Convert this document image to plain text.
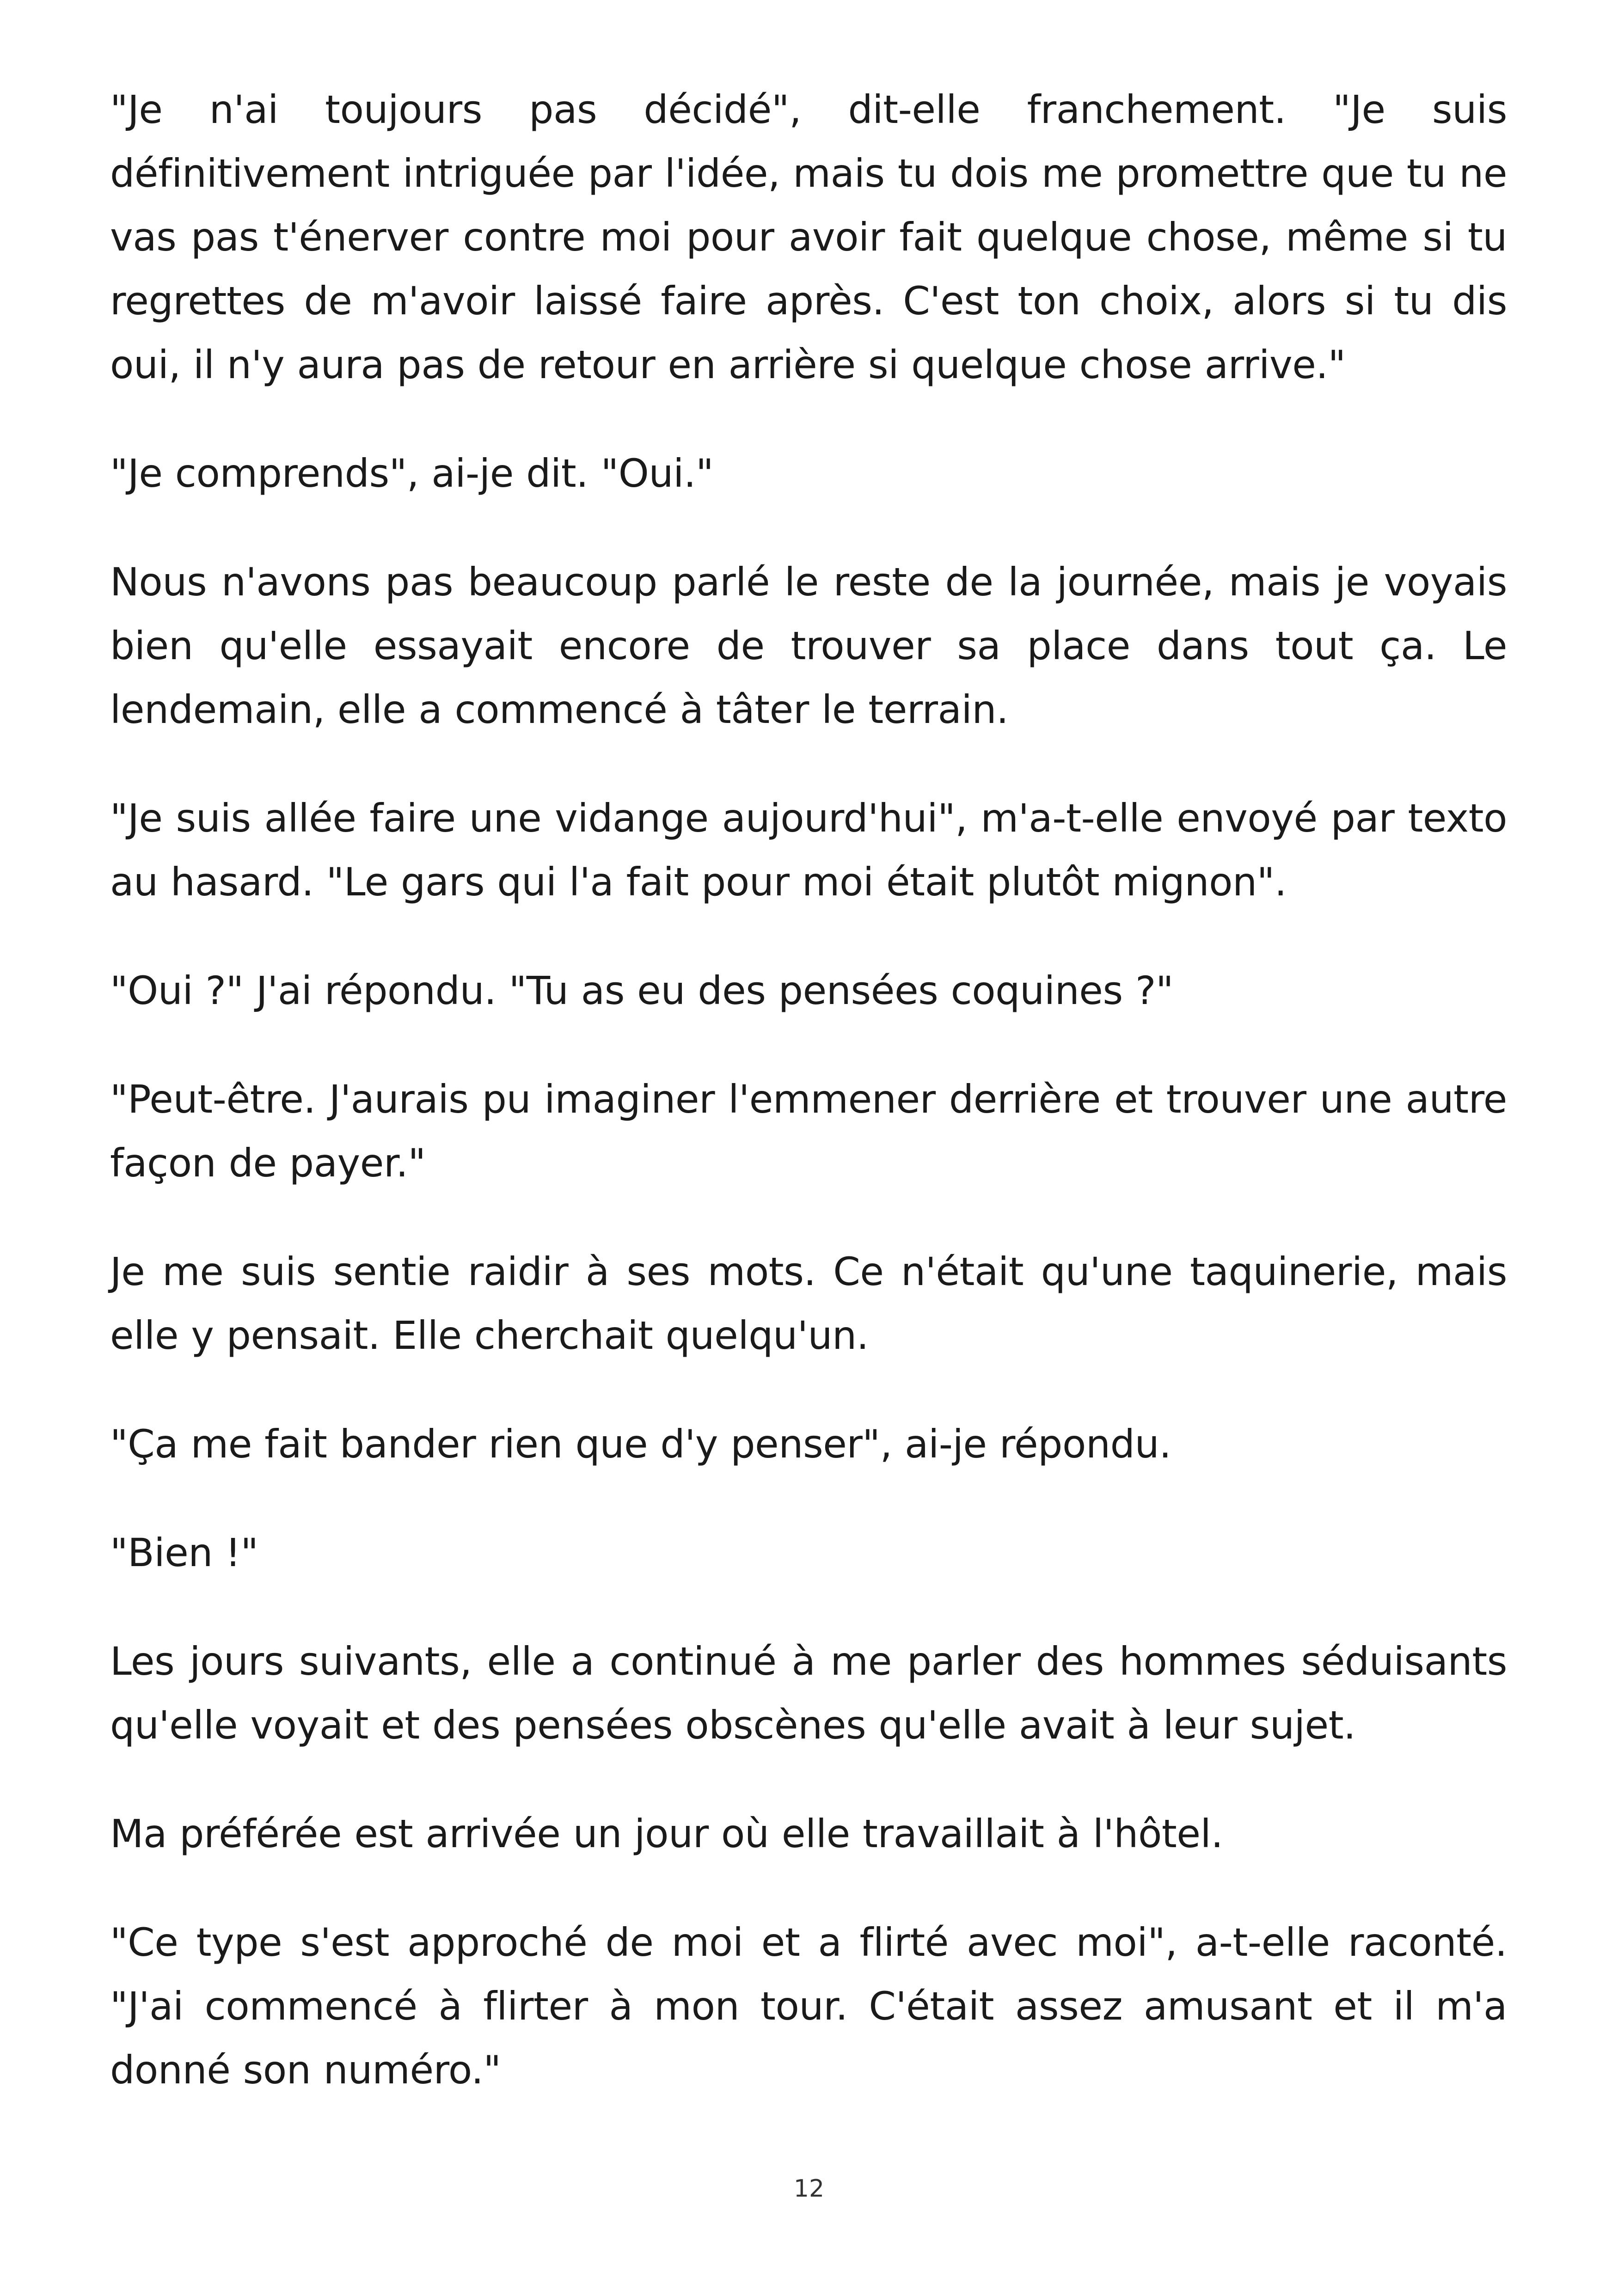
"Je n'ai toujours pas décidé", dit-elle franchement. "Je suis définitivement intriguée par l'idée, mais tu dois me promettre que tu ne vas pas t'énerver contre moi pour avoir fait quelque chose, même si tu regrettes de m'avoir laissé faire après. C'est ton choix, alors si tu dis oui, il n'y aura pas de retour en arrière si quelque chose arrive."

"Je comprends", ai-je dit. "Oui."

Nous n'avons pas beaucoup parlé le reste de la journée, mais je voyais bien qu'elle essayait encore de trouver sa place dans tout ça. Le lendemain, elle a commencé à tâter le terrain.

"Je suis allée faire une vidange aujourd'hui", m'a-t-elle envoyé par texto au hasard. "Le gars qui l'a fait pour moi était plutôt mignon".

"Oui ?" J'ai répondu. "Tu as eu des pensées coquines ?"

"Peut-être. J'aurais pu imaginer l'emmener derrière et trouver une autre façon de payer."

Je me suis sentie raidir à ses mots. Ce n'était qu'une taquinerie, mais elle y pensait. Elle cherchait quelqu'un.

"Ça me fait bander rien que d'y penser", ai-je répondu.

"Bien !"

Les jours suivants, elle a continué à me parler des hommes séduisants qu'elle voyait et des pensées obscènes qu'elle avait à leur sujet.

Ma préférée est arrivée un jour où elle travaillait à l'hôtel.

"Ce type s'est approché de moi et a flirté avec moi", a-t-elle raconté. "J'ai commencé à flirter à mon tour. C'était assez amusant et il m'a donné son numéro."

12
